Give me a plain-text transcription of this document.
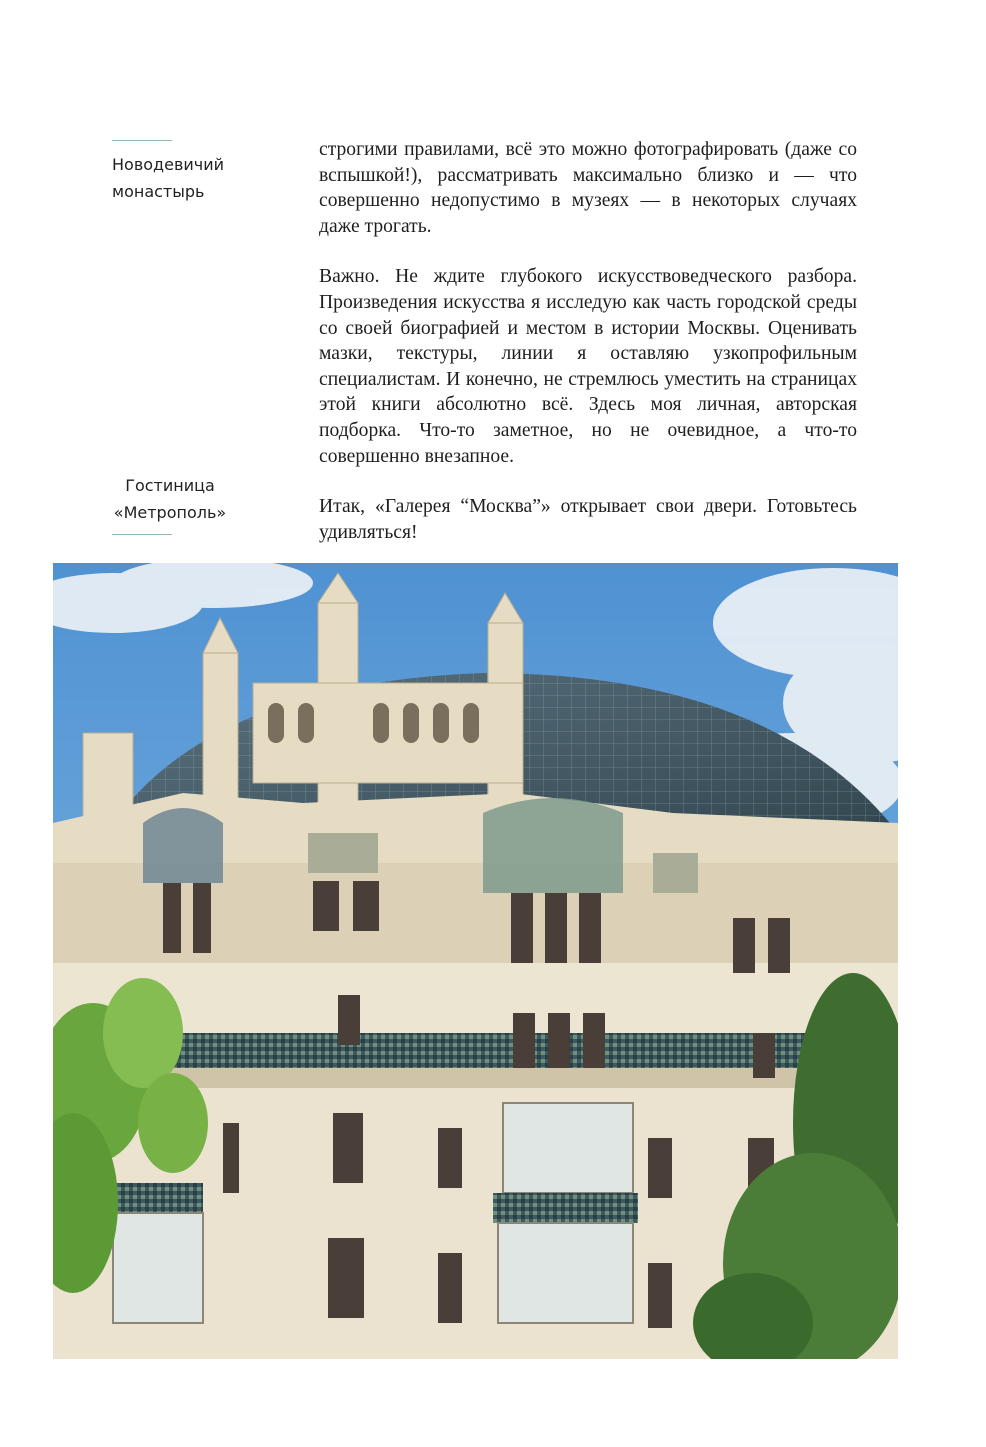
Новодевичий
монастырь
Гостиница
«Метрополь»

строгими правилами, всё это можно фотографировать (даже со вспышкой!), рассматривать максимально близко и — что совершенно недопустимо в музеях — в некоторых случаях даже трогать.

Важно. Не ждите глубокого искусствоведческого разбора. Произведения искусства я исследую как часть городской среды со своей биографией и местом в истории Москвы. Оценивать мазки, текстуры, линии я оставляю узкопрофильным специалистам. И конечно, не стремлюсь уместить на страницах этой книги абсолютно всё. Здесь моя личная, авторская подборка. Что-то заметное, но не очевидное, а что-то совершенно внезапное.

Итак, «Галерея “Москва”» открывает свои двери. Готовьтесь удивляться!
